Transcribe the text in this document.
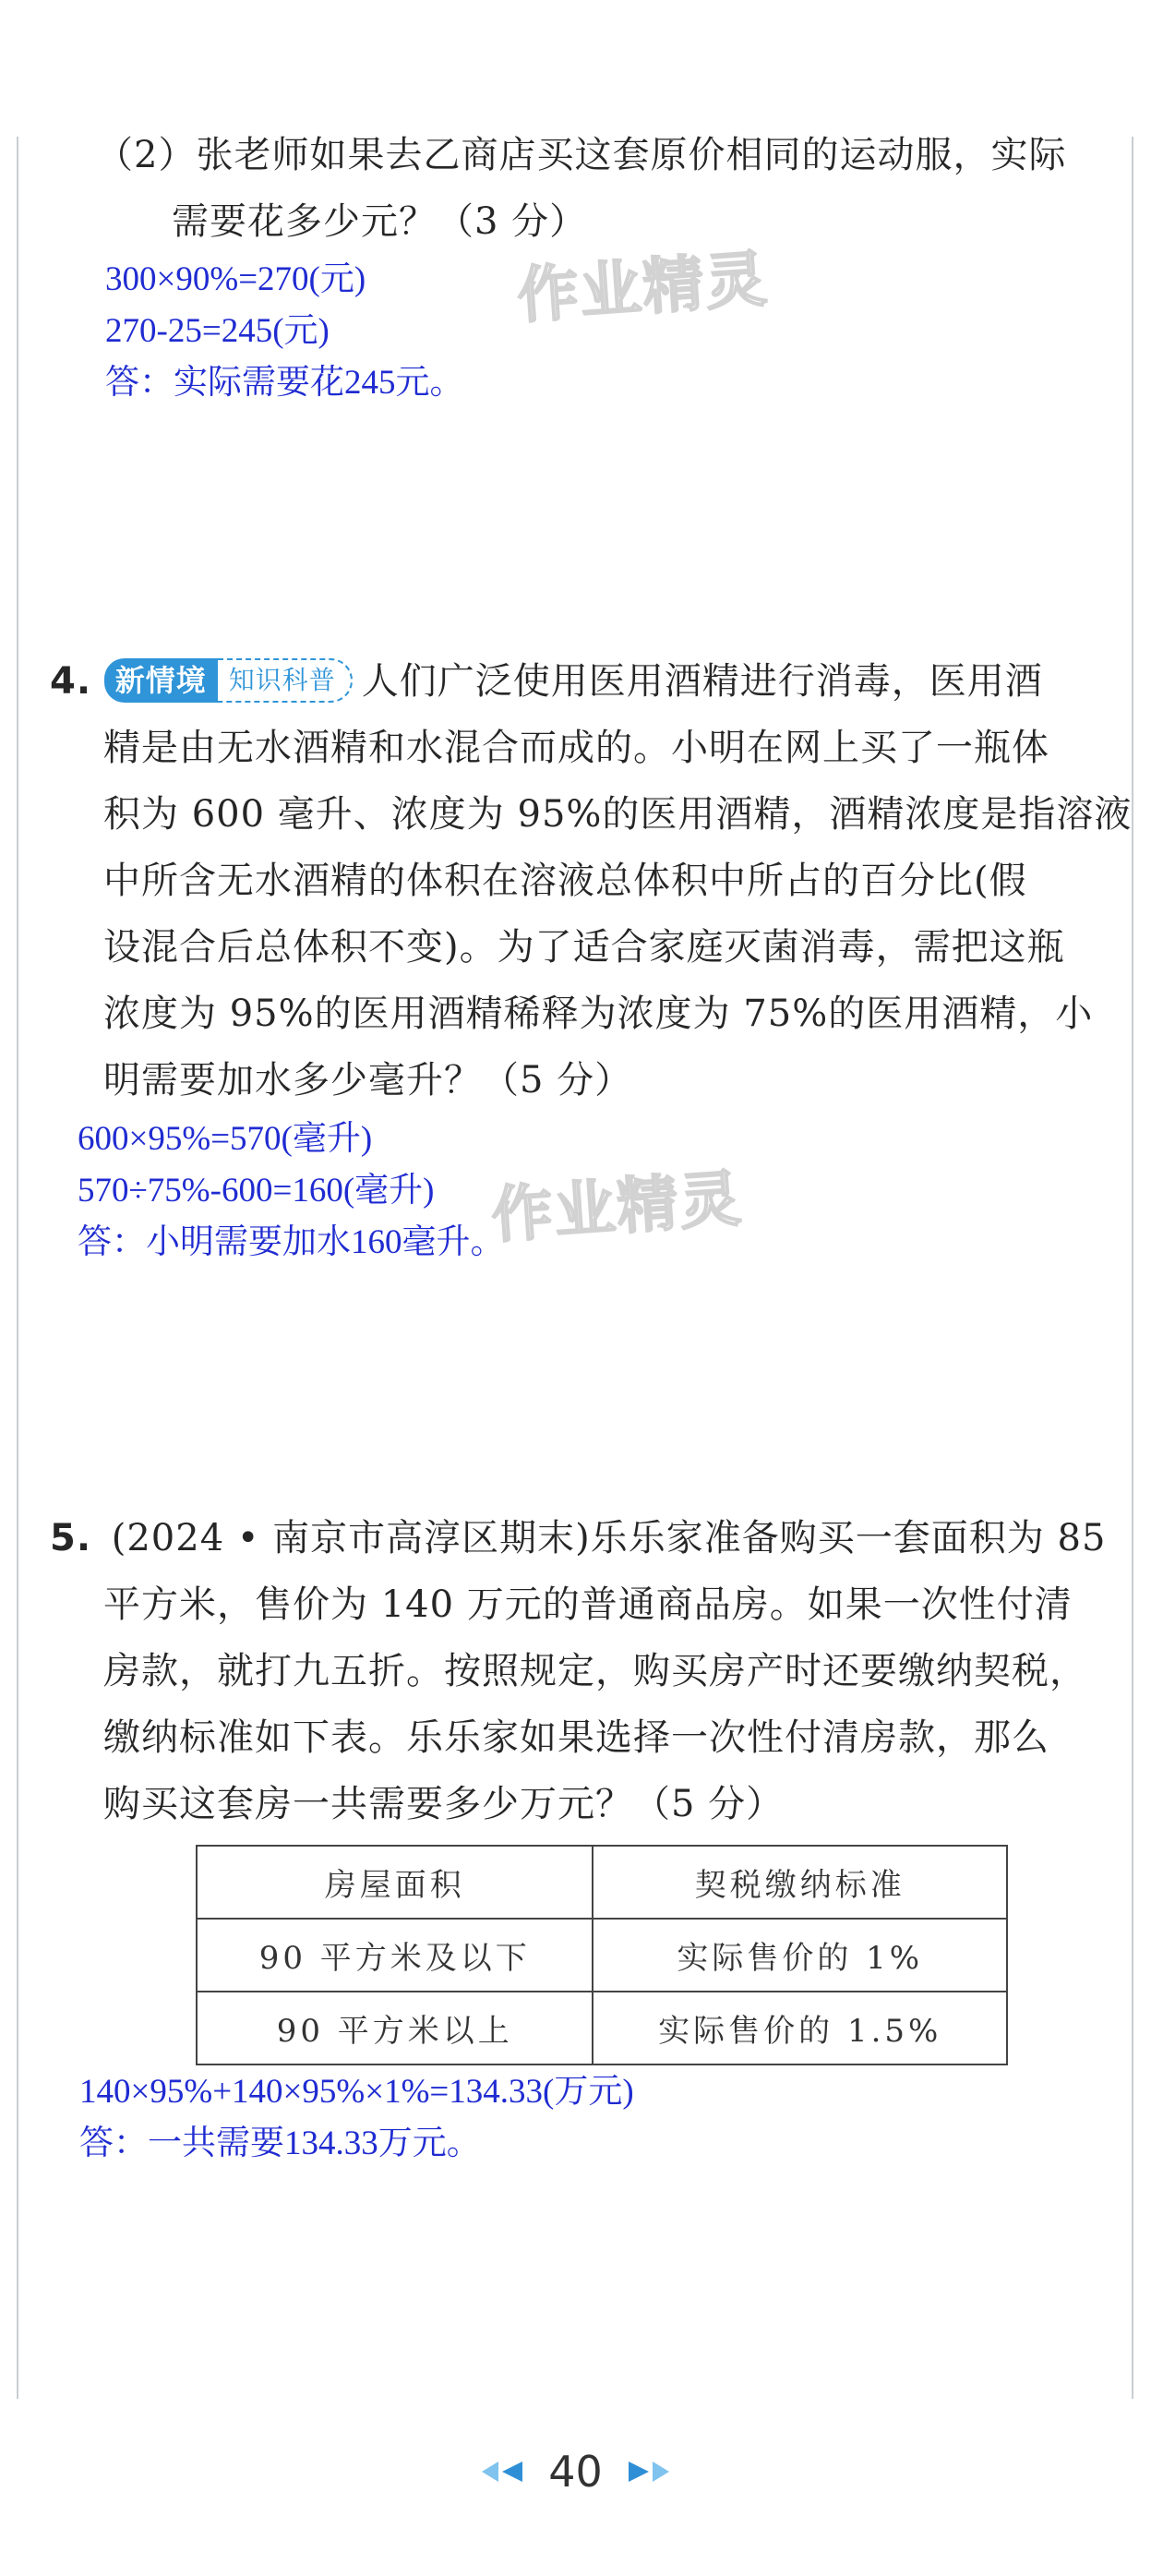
（2）张老师如果去乙商店买这套原价相同的运动服，实际
需要花多少元？（3 分）
300×90%=270(元)
270-25=245(元)
答：实际需要花245元。
作业精灵
4. 新情境 知识科普 人们广泛使用医用酒精进行消毒，医用酒
精是由无水酒精和水混合而成的。小明在网上买了一瓶体
积为 600 毫升、浓度为 95%的医用酒精，酒精浓度是指溶液
中所含无水酒精的体积在溶液总体积中所占的百分比(假
设混合后总体积不变)。为了适合家庭灭菌消毒，需把这瓶
浓度为 95%的医用酒精稀释为浓度为 75%的医用酒精，小
明需要加水多少毫升？（5 分）
600×95%=570(毫升)
570÷75%-600=160(毫升)
答：小明需要加水160毫升。
作业精灵
5. (2024 • 南京市高淳区期末)乐乐家准备购买一套面积为 85
平方米，售价为 140 万元的普通商品房。如果一次性付清
房款，就打九五折。按照规定，购买房产时还要缴纳契税，
缴纳标准如下表。乐乐家如果选择一次性付清房款，那么
购买这套房一共需要多少万元？（5 分）
房屋面积	契税缴纳标准
90 平方米及以下	实际售价的 1%
90 平方米以上	实际售价的 1.5%
140×95%+140×95%×1%=134.33(万元)
答：一共需要134.33万元。
40
